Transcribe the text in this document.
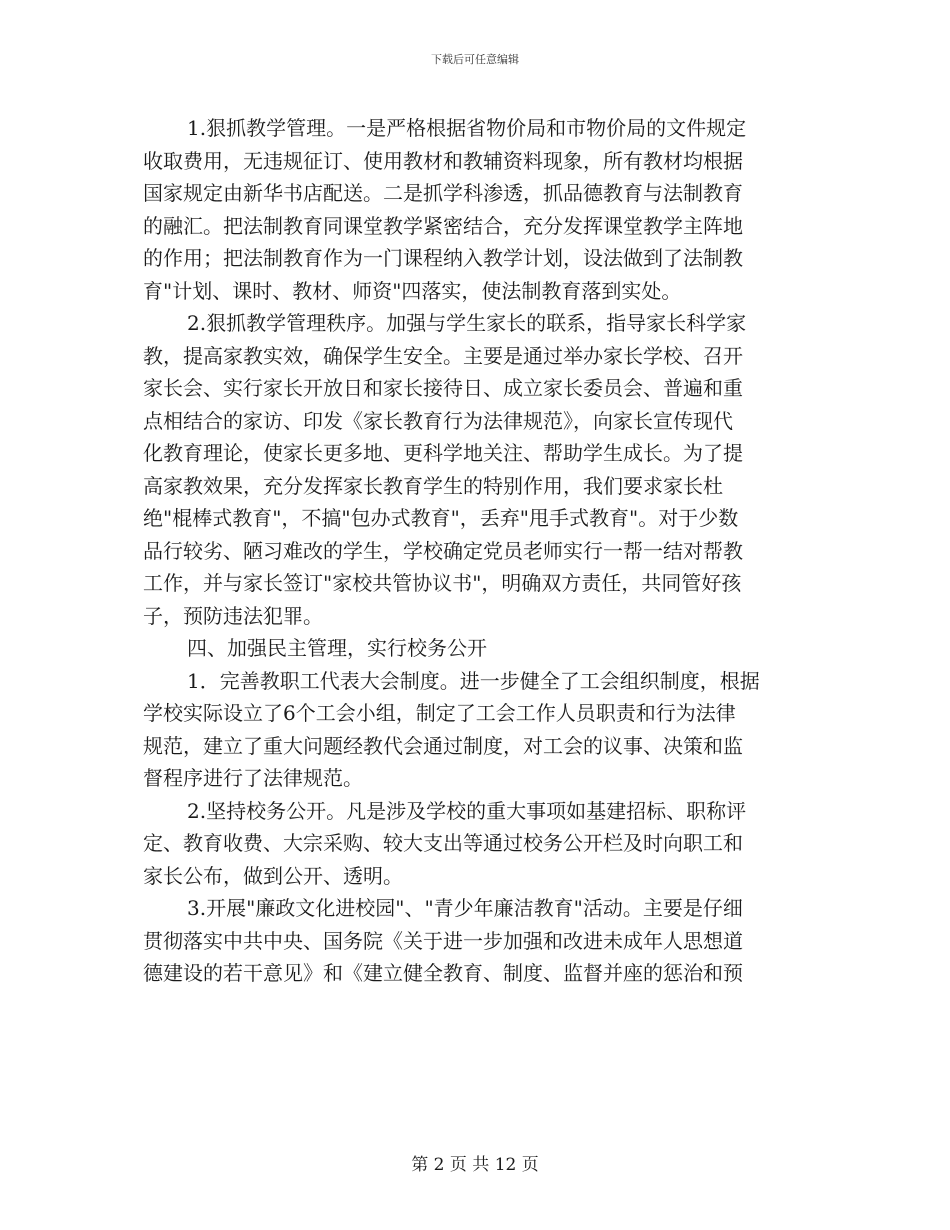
下载后可任意编辑
1.狠抓教学管理。一是严格根据省物价局和市物价局的文件规定
收取费用，无违规征订、使用教材和教辅资料现象，所有教材均根据
国家规定由新华书店配送。二是抓学科渗透，抓品德教育与法制教育
的融汇。把法制教育同课堂教学紧密结合，充分发挥课堂教学主阵地
的作用；把法制教育作为一门课程纳入教学计划，设法做到了法制教
育"计划、课时、教材、师资"四落实，使法制教育落到实处。
2.狠抓教学管理秩序。加强与学生家长的联系，指导家长科学家
教，提高家教实效，确保学生安全。主要是通过举办家长学校、召开
家长会、实行家长开放日和家长接待日、成立家长委员会、普遍和重
点相结合的家访、印发《家长教育行为法律规范》，向家长宣传现代
化教育理论，使家长更多地、更科学地关注、帮助学生成长。为了提
高家教效果，充分发挥家长教育学生的特别作用，我们要求家长杜
绝"棍棒式教育"，不搞"包办式教育"，丢弃"甩手式教育"。对于少数
品行较劣、陋习难改的学生，学校确定党员老师实行一帮一结对帮教
工作，并与家长签订"家校共管协议书"，明确双方责任，共同管好孩
子，预防违法犯罪。
四、加强民主管理，实行校务公开
1．完善教职工代表大会制度。进一步健全了工会组织制度，根据
学校实际设立了6个工会小组，制定了工会工作人员职责和行为法律
规范，建立了重大问题经教代会通过制度，对工会的议事、决策和监
督程序进行了法律规范。
2.坚持校务公开。凡是涉及学校的重大事项如基建招标、职称评
定、教育收费、大宗采购、较大支出等通过校务公开栏及时向职工和
家长公布，做到公开、透明。
3.开展"廉政文化进校园"、"青少年廉洁教育"活动。主要是仔细
贯彻落实中共中央、国务院《关于进一步加强和改进未成年人思想道
德建设的若干意见》和《建立健全教育、制度、监督并座的惩治和预
第 2 页 共 12 页
